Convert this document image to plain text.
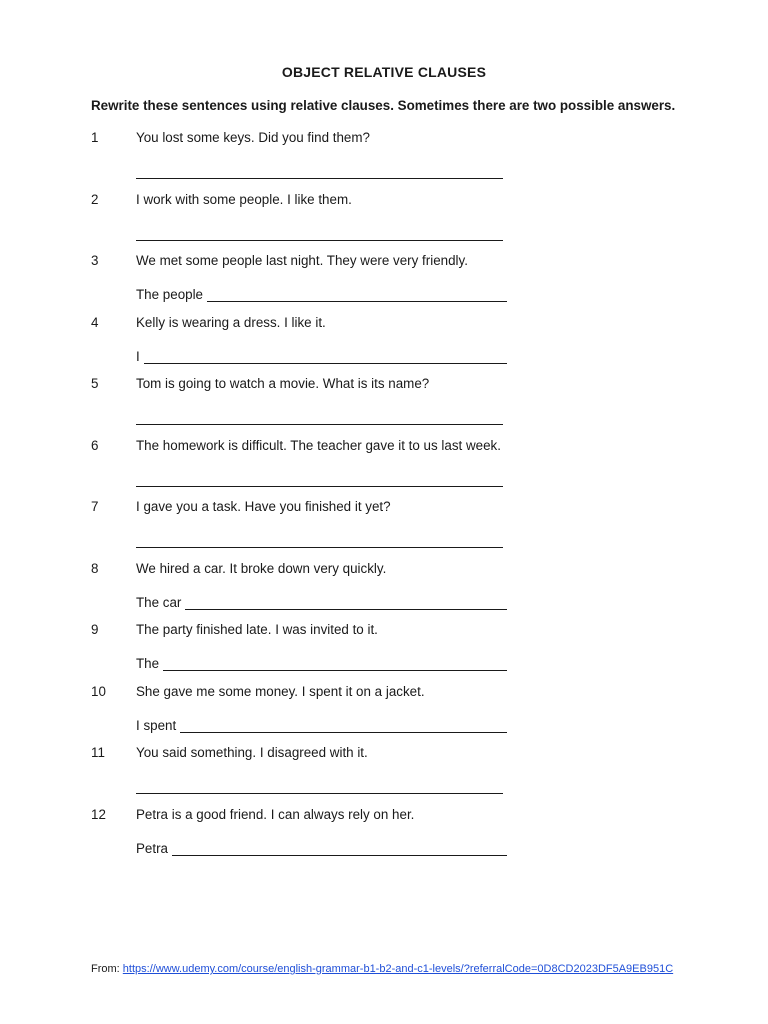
OBJECT RELATIVE CLAUSES
Rewrite these sentences using relative clauses. Sometimes there are two possible answers.
1	You lost some keys. Did you find them?
2	I work with some people. I like them.
3	We met some people last night. They were very friendly.
The people
4	Kelly is wearing a dress. I like it.
I
5	Tom is going to watch a movie. What is its name?
6	The homework is difficult. The teacher gave it to us last week.
7	I gave you a task. Have you finished it yet?
8	We hired a car. It broke down very quickly.
The car
9	The party finished late. I was invited to it.
The
10 She gave me some money. I spent it on a jacket.
I spent
11 You said something. I disagreed with it.
12 Petra is a good friend. I can always rely on her.
Petra
From: https://www.udemy.com/course/english-grammar-b1-b2-and-c1-levels/?referralCode=0D8CD2023DF5A9EB951C
